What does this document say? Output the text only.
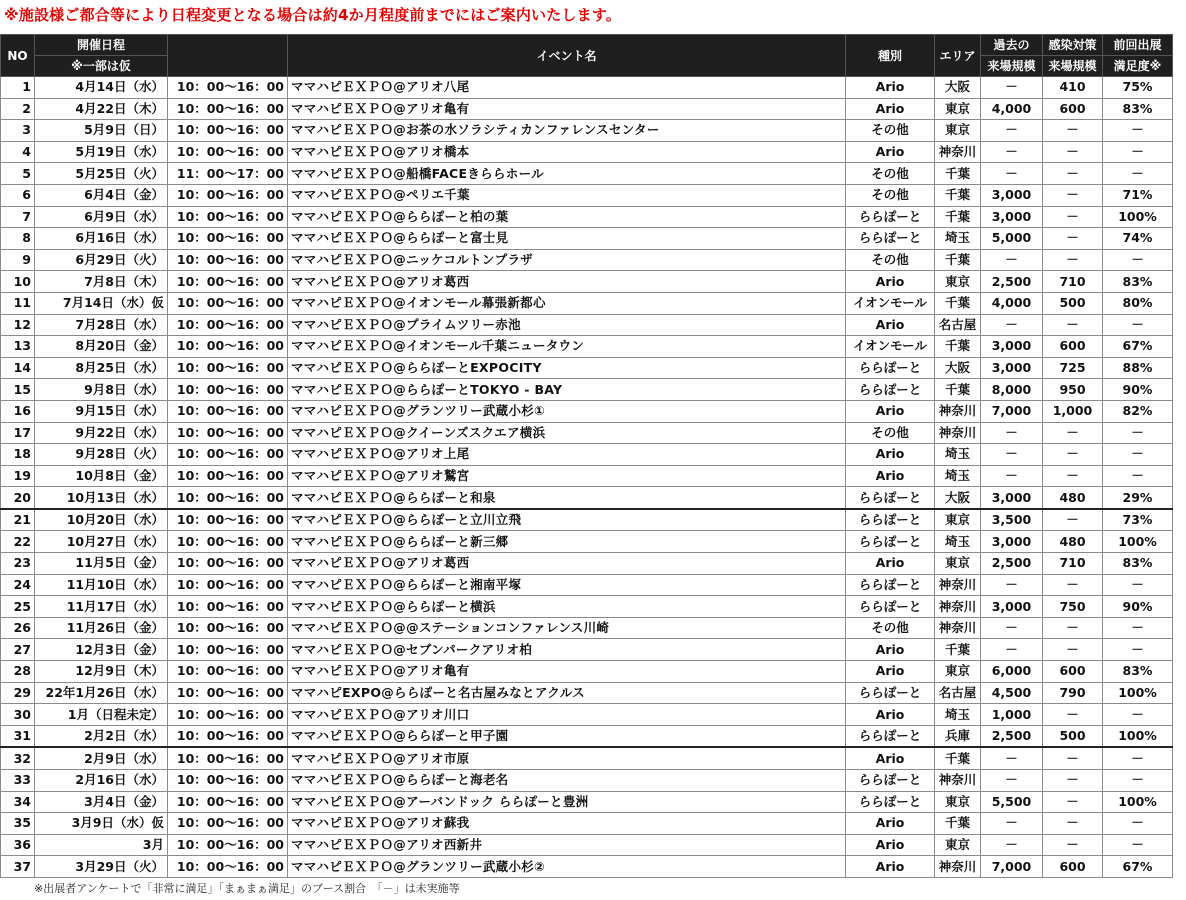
※施設様ご都合等により日程変更となる場合は約4か月程度前までにはご案内いたします。
NO	開催日程		イベント名	種別	エリア	過去の	感染対策	前回出展
	※一部は仮					来場規模	来場規模	満足度※
1	4月14日（水）	10：00～16：00	ママハピＥＸＰＯ@アリオ八尾	Ario	大阪	－	410	75%
2	4月22日（木）	10：00～16：00	ママハピＥＸＰＯ@アリオ亀有	Ario	東京	4,000	600	83%
3	5月9日（日）	10：00～16：00	ママハピＥＸＰＯ@お茶の水ソラシティカンファレンスセンター	その他	東京	－	－	－
4	5月19日（水）	10：00～16：00	ママハピＥＸＰＯ@アリオ橋本	Ario	神奈川	－	－	－
5	5月25日（火）	11：00～17：00	ママハピＥＸＰＯ@船橋FACEきららホール	その他	千葉	－	－	－
6	6月4日（金）	10：00～16：00	ママハピＥＸＰＯ@ペリエ千葉	その他	千葉	3,000	－	71%
7	6月9日（水）	10：00～16：00	ママハピＥＸＰＯ@ららぽーと柏の葉	ららぽーと	千葉	3,000	－	100%
8	6月16日（水）	10：00～16：00	ママハピＥＸＰＯ@ららぽーと富士見	ららぽーと	埼玉	5,000	－	74%
9	6月29日（火）	10：00～16：00	ママハピＥＸＰＯ@ニッケコルトンプラザ	その他	千葉	－	－	－
10	7月8日（木）	10：00～16：00	ママハピＥＸＰＯ@アリオ葛西	Ario	東京	2,500	710	83%
11	7月14日（水）仮	10：00～16：00	ママハピＥＸＰＯ@イオンモール幕張新都心	イオンモール	千葉	4,000	500	80%
12	7月28日（水）	10：00～16：00	ママハピＥＸＰＯ@プライムツリー赤池	Ario	名古屋	－	－	－
13	8月20日（金）	10：00～16：00	ママハピＥＸＰＯ@イオンモール千葉ニュータウン	イオンモール	千葉	3,000	600	67%
14	8月25日（水）	10：00～16：00	ママハピＥＸＰＯ@ららぽーとEXPOCITY	ららぽーと	大阪	3,000	725	88%
15	9月8日（水）	10：00～16：00	ママハピＥＸＰＯ@ららぽーとTOKYO - BAY	ららぽーと	千葉	8,000	950	90%
16	9月15日（水）	10：00～16：00	ママハピＥＸＰＯ@グランツリー武蔵小杉①	Ario	神奈川	7,000	1,000	82%
17	9月22日（水）	10：00～16：00	ママハピＥＸＰＯ@クイーンズスクエア横浜	その他	神奈川	－	－	－
18	9月28日（火）	10：00～16：00	ママハピＥＸＰＯ@アリオ上尾	Ario	埼玉	－	－	－
19	10月8日（金）	10：00～16：00	ママハピＥＸＰＯ@アリオ鷲宮	Ario	埼玉	－	－	－
20	10月13日（水）	10：00～16：00	ママハピＥＸＰＯ@ららぽーと和泉	ららぽーと	大阪	3,000	480	29%
21	10月20日（水）	10：00～16：00	ママハピＥＸＰＯ@ららぽーと立川立飛	ららぽーと	東京	3,500	－	73%
22	10月27日（水）	10：00～16：00	ママハピＥＸＰＯ@ららぽーと新三郷	ららぽーと	埼玉	3,000	480	100%
23	11月5日（金）	10：00～16：00	ママハピＥＸＰＯ@アリオ葛西	Ario	東京	2,500	710	83%
24	11月10日（水）	10：00～16：00	ママハピＥＸＰＯ@ららぽーと湘南平塚	ららぽーと	神奈川	－	－	－
25	11月17日（水）	10：00～16：00	ママハピＥＸＰＯ@ららぽーと横浜	ららぽーと	神奈川	3,000	750	90%
26	11月26日（金）	10：00～16：00	ママハピＥＸＰＯ@@ステーションコンファレンス川崎	その他	神奈川	－	－	－
27	12月3日（金）	10：00～16：00	ママハピＥＸＰＯ@セブンパークアリオ柏	Ario	千葉	－	－	－
28	12月9日（木）	10：00～16：00	ママハピＥＸＰＯ@アリオ亀有	Ario	東京	6,000	600	83%
29	22年1月26日（水）	10：00～16：00	ママハピEXPO@ららぽーと名古屋みなとアクルス	ららぽーと	名古屋	4,500	790	100%
30	1月（日程未定）	10：00～16：00	ママハピＥＸＰＯ@アリオ川口	Ario	埼玉	1,000	－	－
31	2月2日（水）	10：00～16：00	ママハピＥＸＰＯ@ららぽーと甲子園	ららぽーと	兵庫	2,500	500	100%
32	2月9日（水）	10：00～16：00	ママハピＥＸＰＯ@アリオ市原	Ario	千葉	－	－	－
33	2月16日（水）	10：00～16：00	ママハピＥＸＰＯ@ららぽーと海老名	ららぽーと	神奈川	－	－	－
34	3月4日（金）	10：00～16：00	ママハピＥＸＰＯ@アーバンドック ららぽーと豊洲	ららぽーと	東京	5,500	－	100%
35	3月9日（水）仮	10：00～16：00	ママハピＥＸＰＯ@アリオ蘇我	Ario	千葉	－	－	－
36	3月	10：00～16：00	ママハピＥＸＰＯ@アリオ西新井	Ario	東京	－	－	－
37	3月29日（火）	10：00～16：00	ママハピＥＸＰＯ@グランツリー武蔵小杉②	Ario	神奈川	7,000	600	67%
※出展者アンケートで「非常に満足」「まぁまぁ満足」のブース割合　「－」は未実施等
